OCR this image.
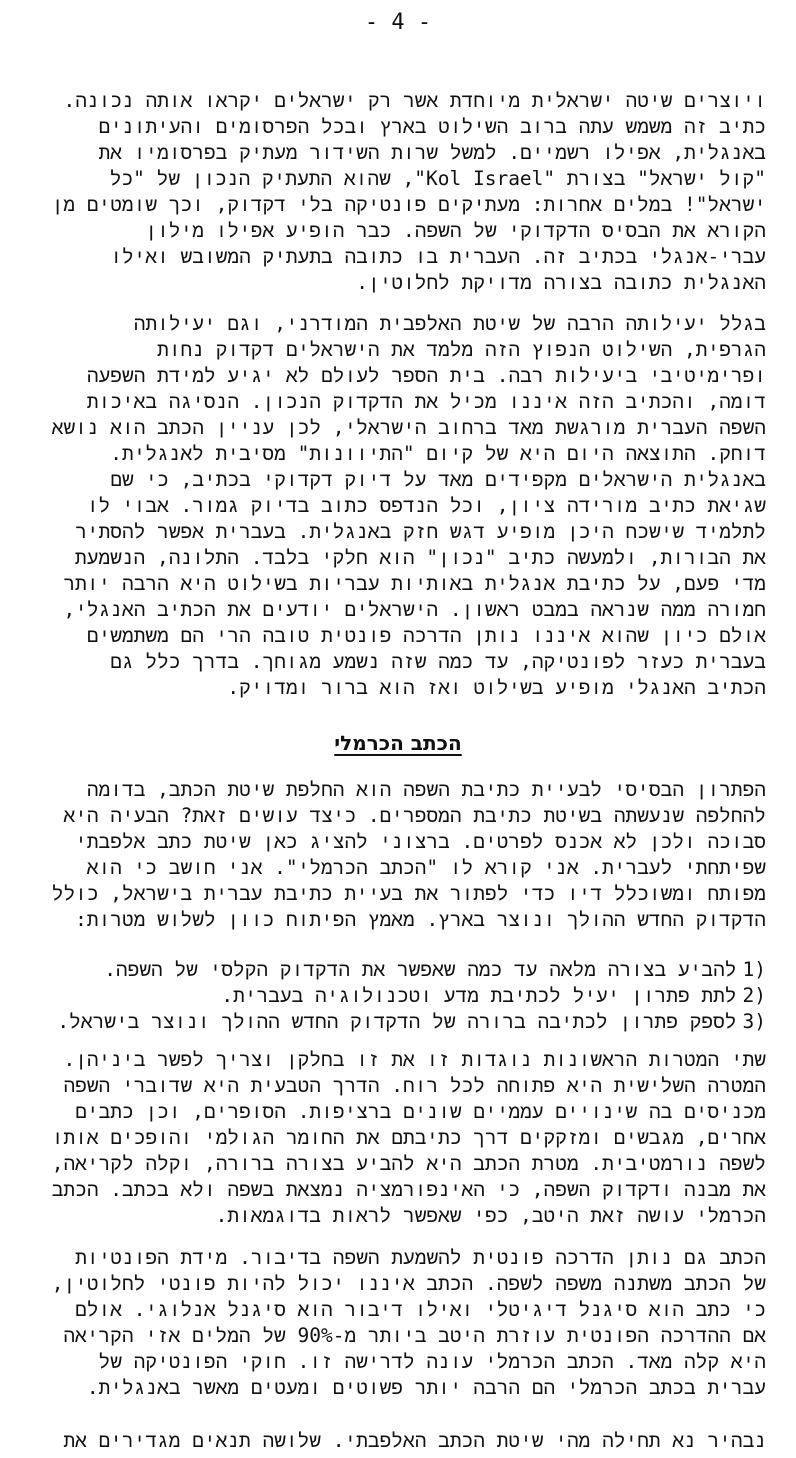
- 4 -
ויוצרים שיטה ישראלית מיוחדת אשר רק ישראלים יקראו אותה נכונה.
כתיב זה משמש עתה ברוב השילוט בארץ ובכל הפרסומים והעיתונים
באנגלית, אפילו רשמיים. למשל שרות השידור מעתיק בפרסומיו את
"קול ישראל" בצורת "Kol Israel", שהוא התעתיק הנכון של "כל
ישראל"! במלים אחרות: מעתיקים פונטיקה בלי דקדוק, וכך שומטים מן
הקורא את הבסיס הדקדוקי של השפה. כבר הופיע אפילו מילון
עברי-אנגלי בכתיב זה. העברית בו כתובה בתעתיק המשובש ואילו
האנגלית כתובה בצורה מדויקת לחלוטין.
בגלל יעילותה הרבה של שיטת האלפבית המודרני, וגם יעילותה
הגרפית, השילוט הנפוץ הזה מלמד את הישראלים דקדוק נחות
ופרימיטיבי ביעילות רבה. בית הספר לעולם לא יגיע למידת השפעה
דומה, והכתיב הזה איננו מכיל את הדקדוק הנכון. הנסיגה באיכות
השפה העברית מורגשת מאד ברחוב הישראלי, לכן עניין הכתב הוא נושא
דוחק. התוצאה היום היא של קיום "התיוונות" מסיבית לאנגלית.
באנגלית הישראלים מקפידים מאד על דיוק דקדוקי בכתיב, כי שם
שגיאת כתיב מורידה ציון, וכל הנדפס כתוב בדיוק גמור. אבוי לו
לתלמיד שישכח היכן מופיע דגש חזק באנגלית. בעברית אפשר להסתיר
את הבורות, ולמעשה כתיב "נכון" הוא חלקי בלבד. התלונה, הנשמעת
מדי פעם, על כתיבת אנגלית באותיות עבריות בשילוט היא הרבה יותר
חמורה ממה שנראה במבט ראשון. הישראלים יודעים את הכתיב האנגלי,
אולם כיון שהוא איננו נותן הדרכה פונטית טובה הרי הם משתמשים
בעברית כעזר לפונטיקה, עד כמה שזה נשמע מגוחך. בדרך כלל גם
הכתיב האנגלי מופיע בשילוט ואז הוא ברור ומדויק.
הכתב הכרמלי
הפתרון הבסיסי לבעיית כתיבת השפה הוא החלפת שיטת הכתב, בדומה
להחלפה שנעשתה בשיטת כתיבת המספרים. כיצד עושים זאת? הבעיה היא
סבוכה ולכן לא אכנס לפרטים. ברצוני להציג כאן שיטת כתב אלפבתי
שפיתחתי לעברית. אני קורא לו "הכתב הכרמלי". אני חושב כי הוא
מפותח ומשוכלל דיו כדי לפתור את בעיית כתיבת עברית בישראל, כולל
הדקדוק החדש ההולך ונוצר בארץ. מאמץ הפיתוח כוון לשלוש מטרות:
1)
להביע בצורה מלאה עד כמה שאפשר את הדקדוק הקלסי של השפה.
2)
לתת פתרון יעיל לכתיבת מדע וטכנולוגיה בעברית.
3)
לספק פתרון לכתיבה ברורה של הדקדוק החדש ההולך ונוצר בישראל.
שתי המטרות הראשונות נוגדות זו את זו בחלקן וצריך לפשר ביניהן.
המטרה השלישית היא פתוחה לכל רוח. הדרך הטבעית היא שדוברי השפה
מכניסים בה שינויים עממיים שונים ברציפות. הסופרים, וכן כתבים
אחרים, מגבשים ומזקקים דרך כתיבתם את החומר הגולמי והופכים אותו
לשפה נורמטיבית. מטרת הכתב היא להביע בצורה ברורה, וקלה לקריאה,
את מבנה ודקדוק השפה, כי האינפורמציה נמצאת בשפה ולא בכתב. הכתב
הכרמלי עושה זאת היטב, כפי שאפשר לראות בדוגמאות.
הכתב גם נותן הדרכה פונטית להשמעת השפה בדיבור. מידת הפונטיות
של הכתב משתנה משפה לשפה. הכתב איננו יכול להיות פונטי לחלוטין,
כי כתב הוא סיגנל דיגיטלי ואילו דיבור הוא סיגנל אנלוגי. אולם
אם ההדרכה הפונטית עוזרת היטב ביותר מ-90% של המלים אזי הקריאה
היא קלה מאד. הכתב הכרמלי עונה לדרישה זו. חוקי הפונטיקה של
עברית בכתב הכרמלי הם הרבה יותר פשוטים ומעטים מאשר באנגלית.
נבהיר נא תחילה מהי שיטת הכתב האלפבתי. שלושה תנאים מגדירים את
